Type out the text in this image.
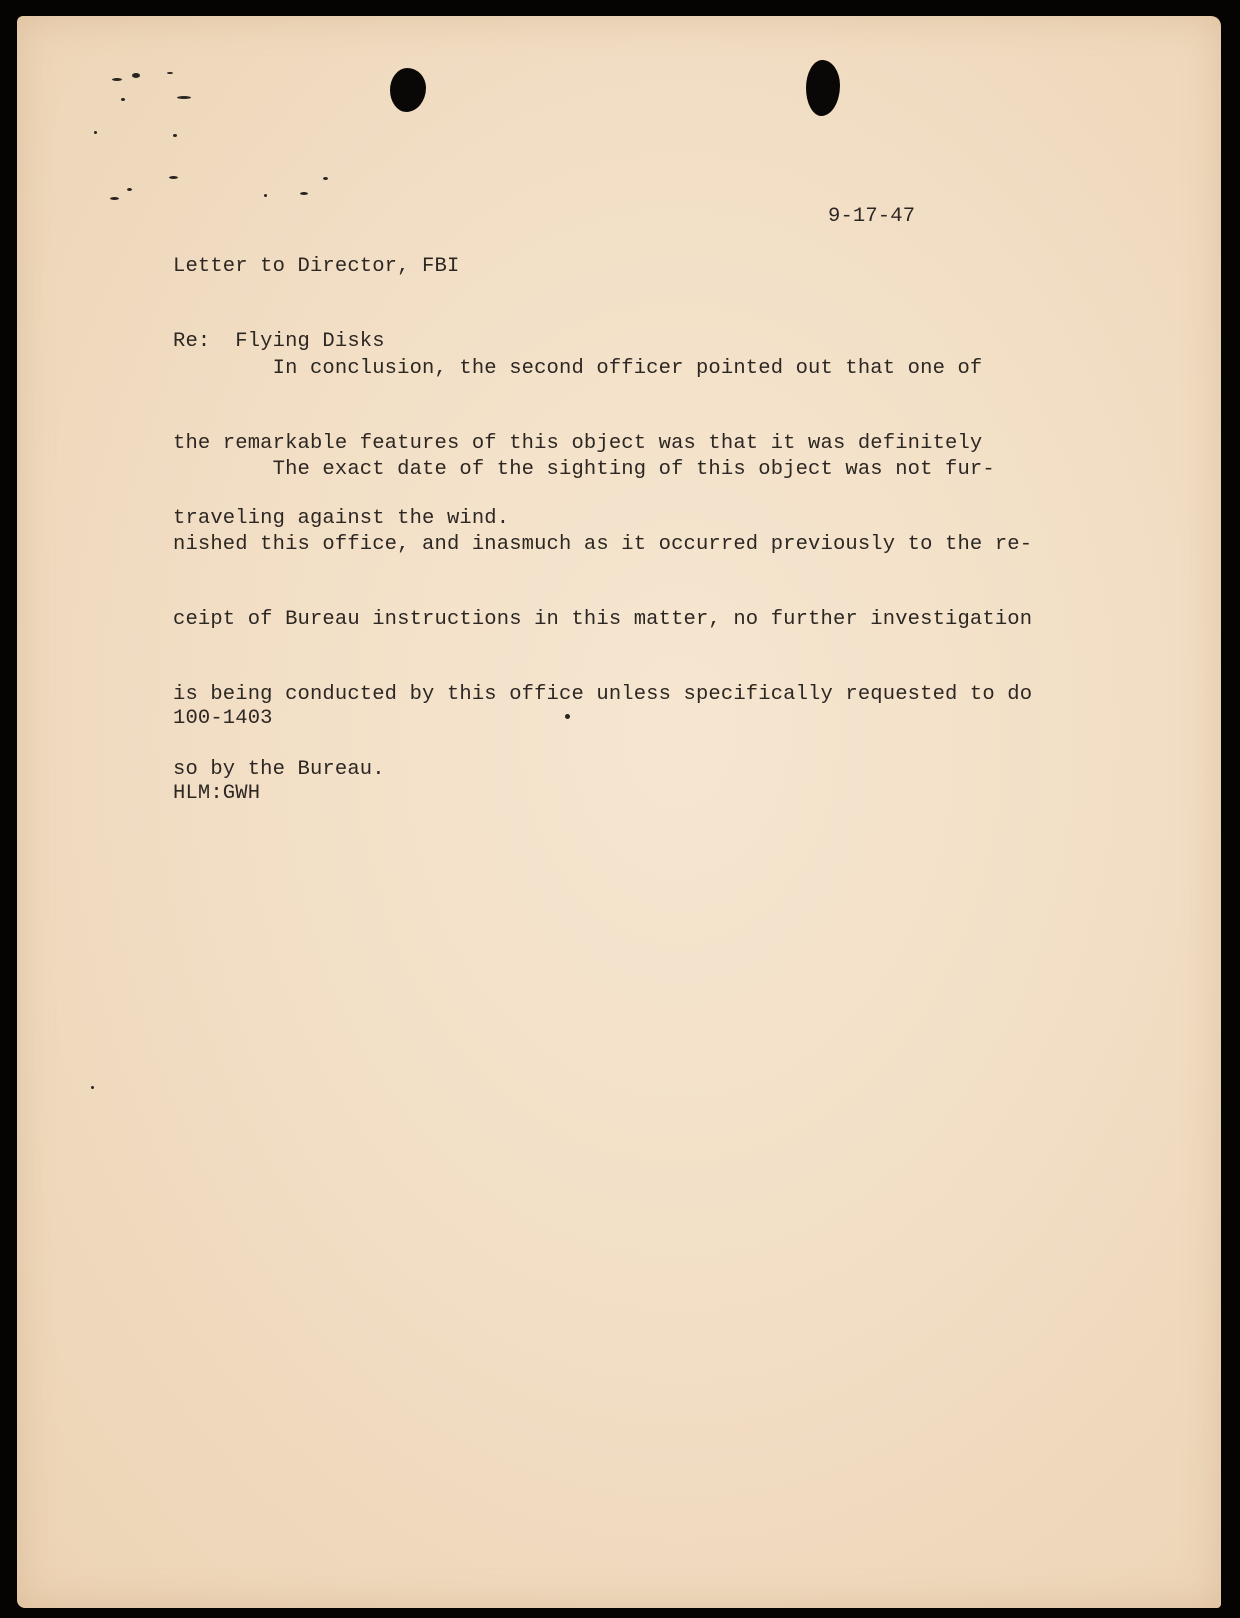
Letter to Director, FBI

Re:  Flying Disks

9-17-47

In conclusion, the second officer pointed out that one of

the remarkable features of this object was that it was definitely

traveling against the wind.

The exact date of the sighting of this object was not fur-

nished this office, and inasmuch as it occurred previously to the re-

ceipt of Bureau instructions in this matter, no further investigation

is being conducted by this office unless specifically requested to do

so by the Bureau.

100-1403

HLM:GWH
